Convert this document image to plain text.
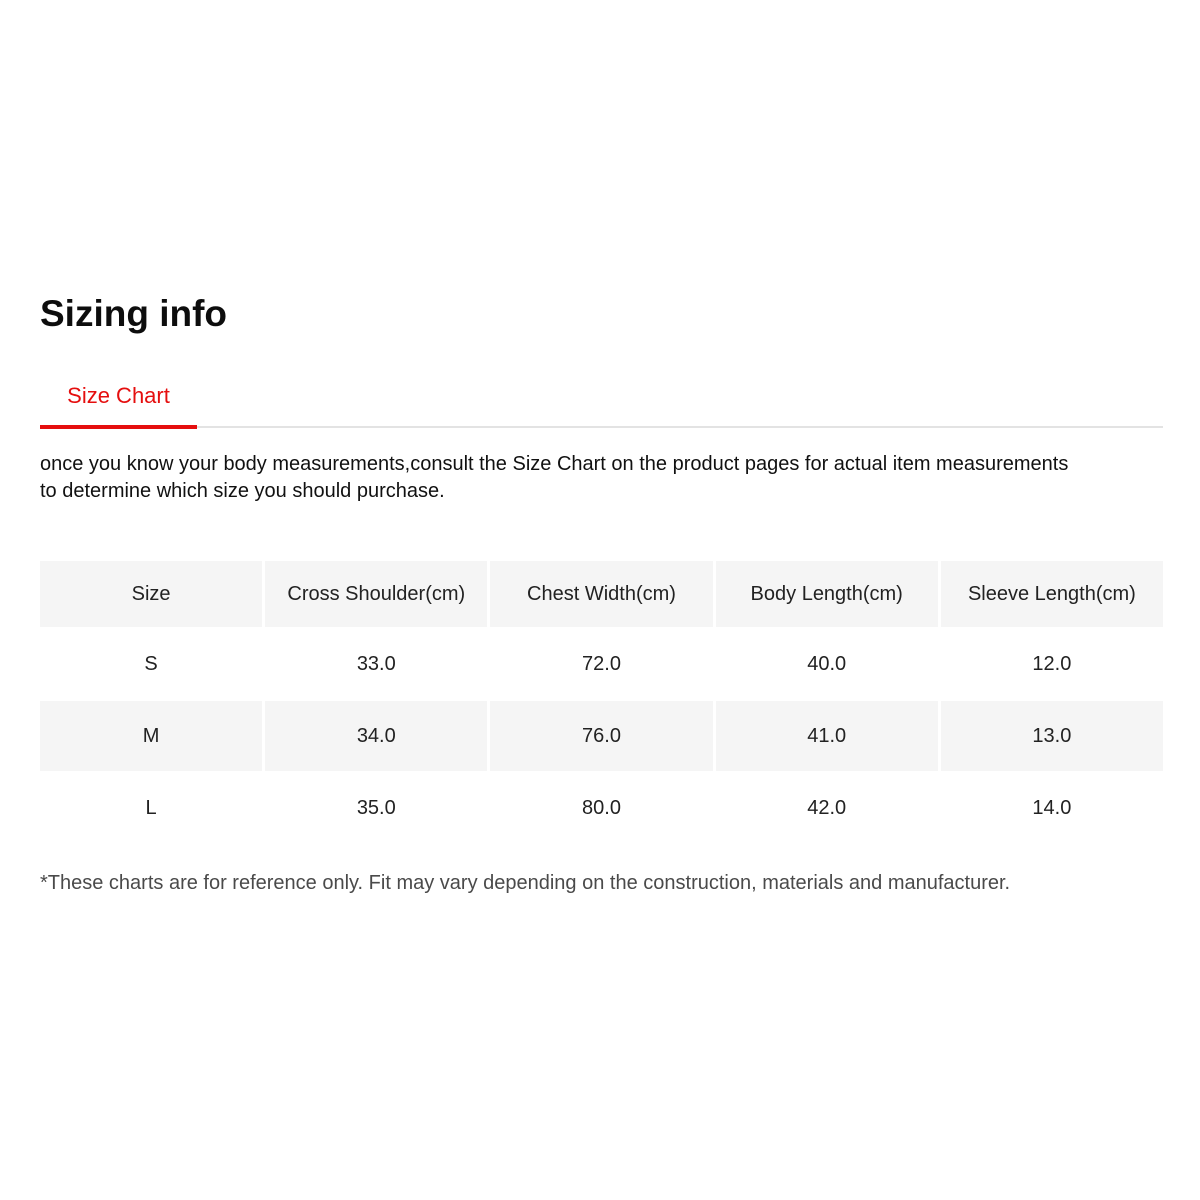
Sizing info
Size Chart

once you know your body measurements,consult the Size Chart on the product pages for actual item measurements to determine which size you should purchase.

Size	Cross Shoulder(cm)	Chest Width(cm)	Body Length(cm)	Sleeve Length(cm)
S	33.0	72.0	40.0	12.0
M	34.0	76.0	41.0	13.0
L	35.0	80.0	42.0	14.0

*These charts are for reference only. Fit may vary depending on the construction, materials and manufacturer.
